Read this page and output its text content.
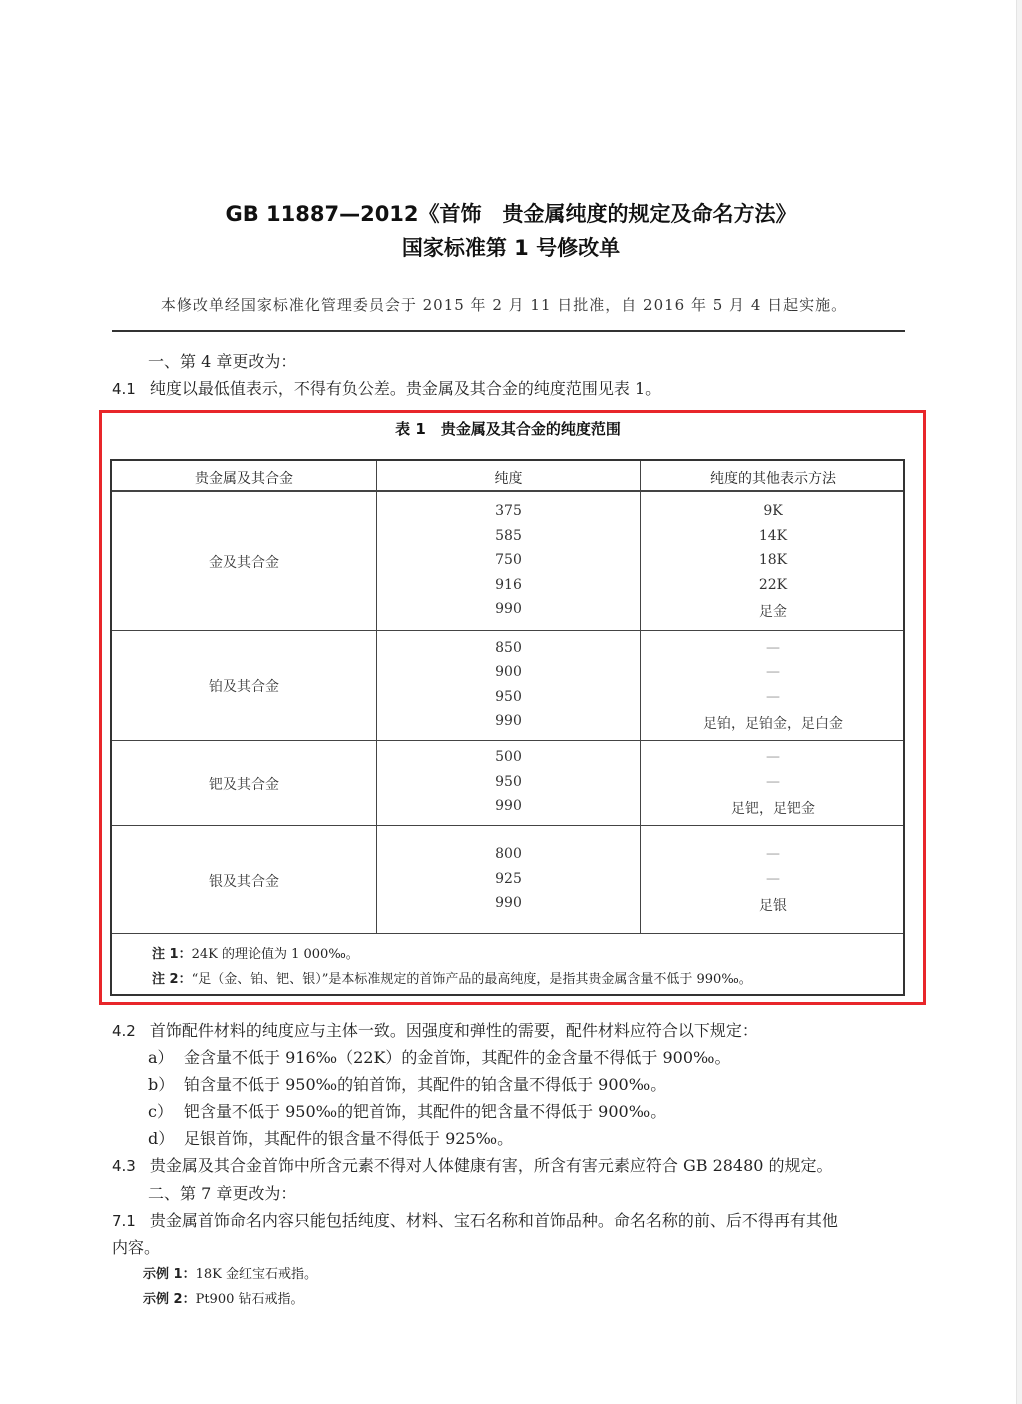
GB 11887—2012《首饰　贵金属纯度的规定及命名方法》
国家标准第 1 号修改单
本修改单经国家标准化管理委员会于 2015 年 2 月 11 日批准，自 2016 年 5 月 4 日起实施。
一、第 4 章更改为：
4.1 纯度以最低值表示，不得有负公差。贵金属及其合金的纯度范围见表 1。
表 1　贵金属及其合金的纯度范围
贵金属及其合金	纯度	纯度的其他表示方法
金及其合金
375
585
750
916
990
9K
14K
18K
22K
足金
铂及其合金
850
900
950
990
—
—
—
足铂，足铂金，足白金
钯及其合金
500
950
990
—
—
足钯，足钯金
银及其合金
800
925
990
—
—
足银
注 1：24K 的理论值为 1 000‰。
注 2：“足（金、铂、钯、银）”是本标准规定的首饰产品的最高纯度，是指其贵金属含量不低于 990‰。
4.2 首饰配件材料的纯度应与主体一致。因强度和弹性的需要，配件材料应符合以下规定：
a） 金含量不低于 916‰（22K）的金首饰，其配件的金含量不得低于 900‰。
b） 铂含量不低于 950‰的铂首饰，其配件的铂含量不得低于 900‰。
c） 钯含量不低于 950‰的钯首饰，其配件的钯含量不得低于 900‰。
d） 足银首饰，其配件的银含量不得低于 925‰。
4.3 贵金属及其合金首饰中所含元素不得对人体健康有害，所含有害元素应符合 GB 28480 的规定。
二、第 7 章更改为：
7.1 贵金属首饰命名内容只能包括纯度、材料、宝石名称和首饰品种。命名名称的前、后不得再有其他
内容。
示例 1：18K 金红宝石戒指。
示例 2：Pt900 钻石戒指。
